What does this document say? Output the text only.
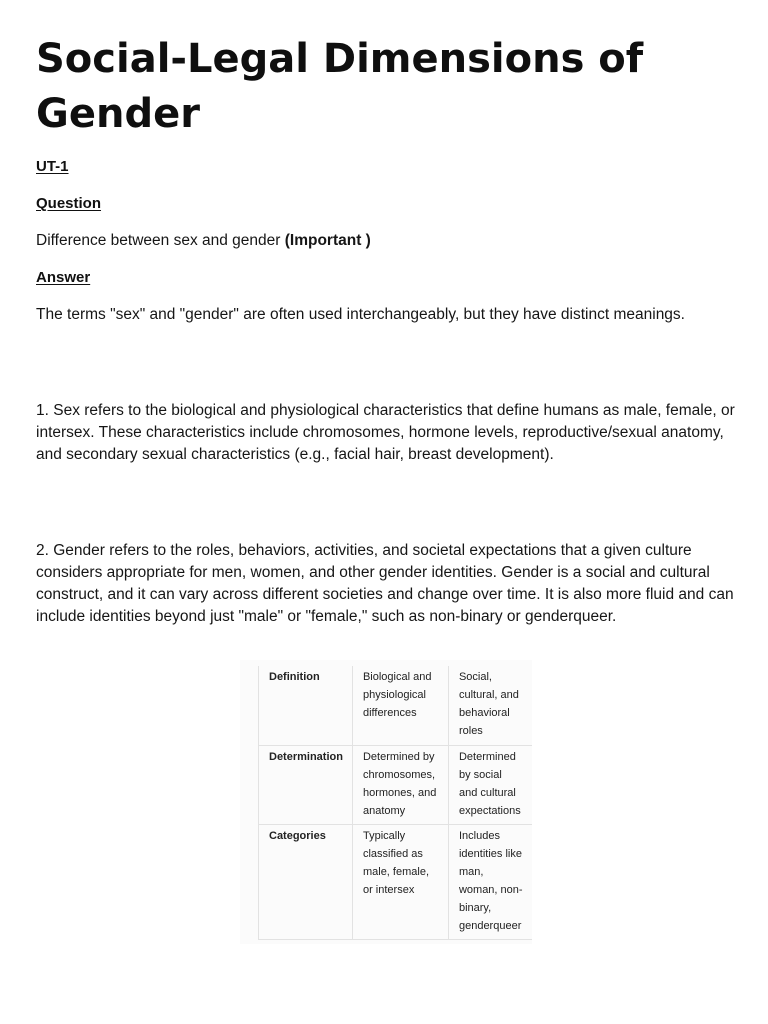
Social-Legal Dimensions of Gender

UT-1

Question

Difference between sex and gender (Important )

Answer

The terms "sex" and "gender" are often used interchangeably, but they have distinct meanings.

1. Sex refers to the biological and physiological characteristics that define humans as male, female, or intersex. These characteristics include chromosomes, hormone levels, reproductive/sexual anatomy, and secondary sexual characteristics (e.g., facial hair, breast development).

2. Gender refers to the roles, behaviors, activities, and societal expectations that a given culture considers appropriate for men, women, and other gender identities. Gender is a social and cultural construct, and it can vary across different societies and change over time. It is also more fluid and can include identities beyond just "male" or "female," such as non-binary or genderqueer.

Definition	Biological and physiological differences	Social, cultural, and behavioral roles
Determination	Determined by chromosomes, hormones, and anatomy	Determined by social and cultural expectations
Categories	Typically classified as male, female, or intersex	Includes identities like man, woman, non-binary, genderqueer
